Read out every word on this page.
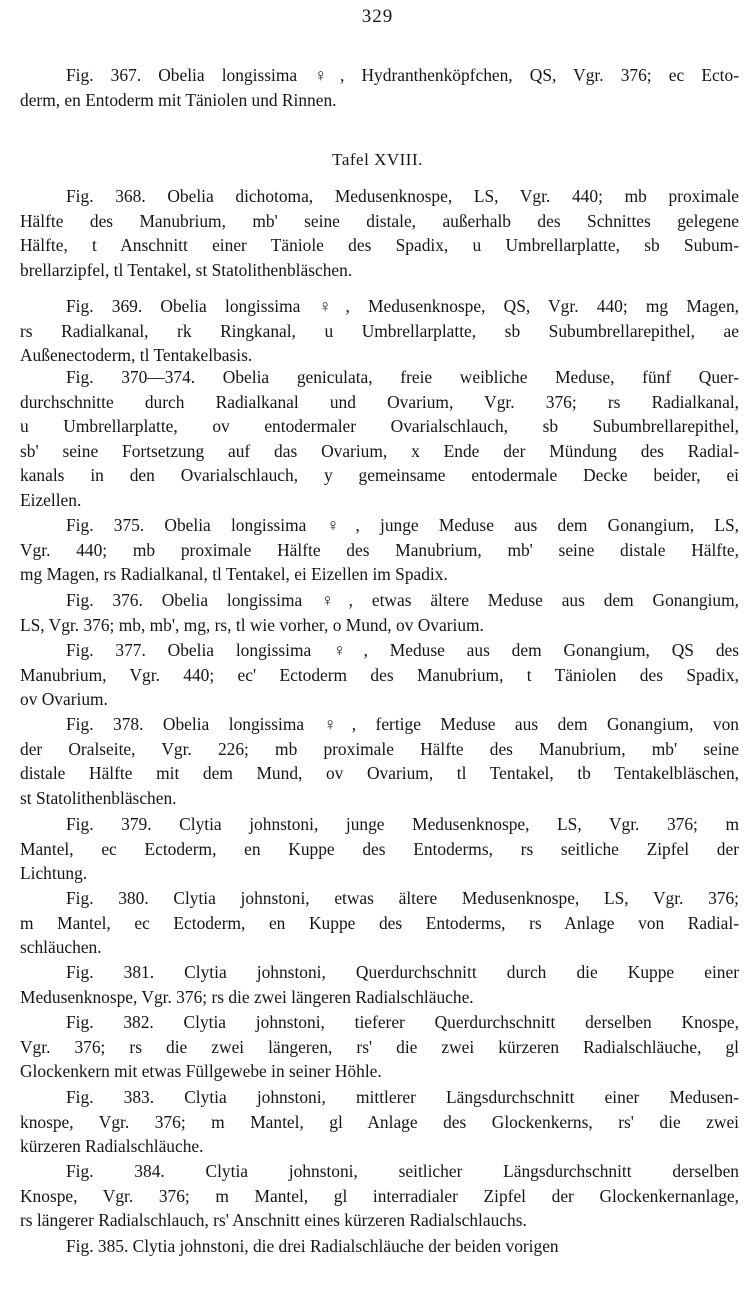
329
Tafel XVIII.
Fig. 367. Obelia longissima ♀, Hydranthenköpfchen, QS, Vgr. 376; ec Ecto-
derm, en Entoderm mit Täniolen und Rinnen.
Fig. 368. Obelia dichotoma, Medusenknospe, LS, Vgr. 440; mb proximale
Hälfte des Manubrium, mb' seine distale, außerhalb des Schnittes gelegene
Hälfte, t Anschnitt einer Täniole des Spadix, u Umbrellarplatte, sb Subum-
brellarzipfel, tl Tentakel, st Statolithenbläschen.
Fig. 369. Obelia longissima ♀, Medusenknospe, QS, Vgr. 440; mg Magen,
rs Radialkanal, rk Ringkanal, u Umbrellarplatte, sb Subumbrellarepithel, ae
Außenectoderm, tl Tentakelbasis.
Fig. 370—374. Obelia geniculata, freie weibliche Meduse, fünf Quer-
durchschnitte durch Radialkanal und Ovarium, Vgr. 376; rs Radialkanal,
u Umbrellarplatte, ov entodermaler Ovarialschlauch, sb Subumbrellarepithel,
sb' seine Fortsetzung auf das Ovarium, x Ende der Mündung des Radial-
kanals in den Ovarialschlauch, y gemeinsame entodermale Decke beider, ei
Eizellen.
Fig. 375. Obelia longissima ♀, junge Meduse aus dem Gonangium, LS,
Vgr. 440; mb proximale Hälfte des Manubrium, mb' seine distale Hälfte,
mg Magen, rs Radialkanal, tl Tentakel, ei Eizellen im Spadix.
Fig. 376. Obelia longissima ♀, etwas ältere Meduse aus dem Gonangium,
LS, Vgr. 376; mb, mb', mg, rs, tl wie vorher, o Mund, ov Ovarium.
Fig. 377. Obelia longissima ♀, Meduse aus dem Gonangium, QS des
Manubrium, Vgr. 440; ec' Ectoderm des Manubrium, t Täniolen des Spadix,
ov Ovarium.
Fig. 378. Obelia longissima ♀, fertige Meduse aus dem Gonangium, von
der Oralseite, Vgr. 226; mb proximale Hälfte des Manubrium, mb' seine
distale Hälfte mit dem Mund, ov Ovarium, tl Tentakel, tb Tentakelbläschen,
st Statolithenbläschen.
Fig. 379. Clytia johnstoni, junge Medusenknospe, LS, Vgr. 376; m
Mantel, ec Ectoderm, en Kuppe des Entoderms, rs seitliche Zipfel der
Lichtung.
Fig. 380. Clytia johnstoni, etwas ältere Medusenknospe, LS, Vgr. 376;
m Mantel, ec Ectoderm, en Kuppe des Entoderms, rs Anlage von Radial-
schläuchen.
Fig. 381. Clytia johnstoni, Querdurchschnitt durch die Kuppe einer
Medusenknospe, Vgr. 376; rs die zwei längeren Radialschläuche.
Fig. 382. Clytia johnstoni, tieferer Querdurchschnitt derselben Knospe,
Vgr. 376; rs die zwei längeren, rs' die zwei kürzeren Radialschläuche, gl
Glockenkern mit etwas Füllgewebe in seiner Höhle.
Fig. 383. Clytia johnstoni, mittlerer Längsdurchschnitt einer Medusen-
knospe, Vgr. 376; m Mantel, gl Anlage des Glockenkerns, rs' die zwei
kürzeren Radialschläuche.
Fig. 384. Clytia johnstoni, seitlicher Längsdurchschnitt derselben
Knospe, Vgr. 376; m Mantel, gl interradialer Zipfel der Glockenkernanlage,
rs längerer Radialschlauch, rs' Anschnitt eines kürzeren Radialschlauchs.
Fig. 385. Clytia johnstoni, die drei Radialschläuche der beiden vorigen
